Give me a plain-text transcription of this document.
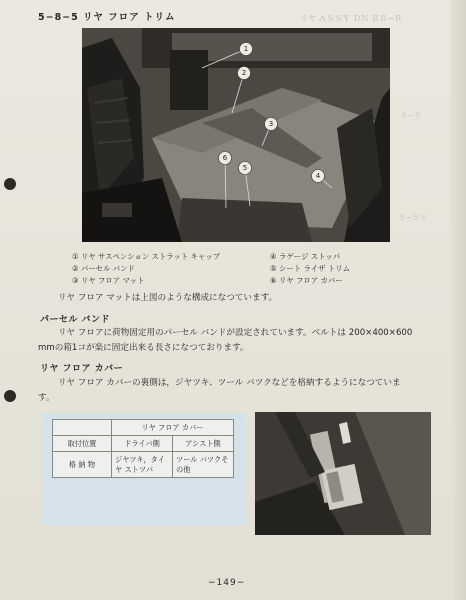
5−8−5 リヤ フロア トリム	リヤ ＡＳＳＹ ＤＮ ＲＲ−Ｒ
Ｓ−Ｓ
Ｓ−ＳＳ
1
2
3
4
5
6
① リヤ サスペンション ストラット キャップ
② パーセル バンド
③ リヤ フロア マット
④ ラゲージ ストッパ
⑤ シート ライザ トリム
⑥ リヤ フロア カバー
リヤ フロア マットは上図のような構成になつています。
パーセル バンド
リヤ フロアに荷物固定用のパーセル バンドが設定されています。ベルトは 200×400×600
mmの箱1コが楽に固定出来る長さになつております。
リヤ フロア カバー
リヤ フロア カバーの裏側は，ジヤツキ、ツール バツクなどを格納するようになつていま
す。
	リヤ フロア カバー	
取付位置	ドライバ側	アシスト側
格 納 物	ジヤツキ，タイヤ ストツパ	ツール バツクその他
−149−
